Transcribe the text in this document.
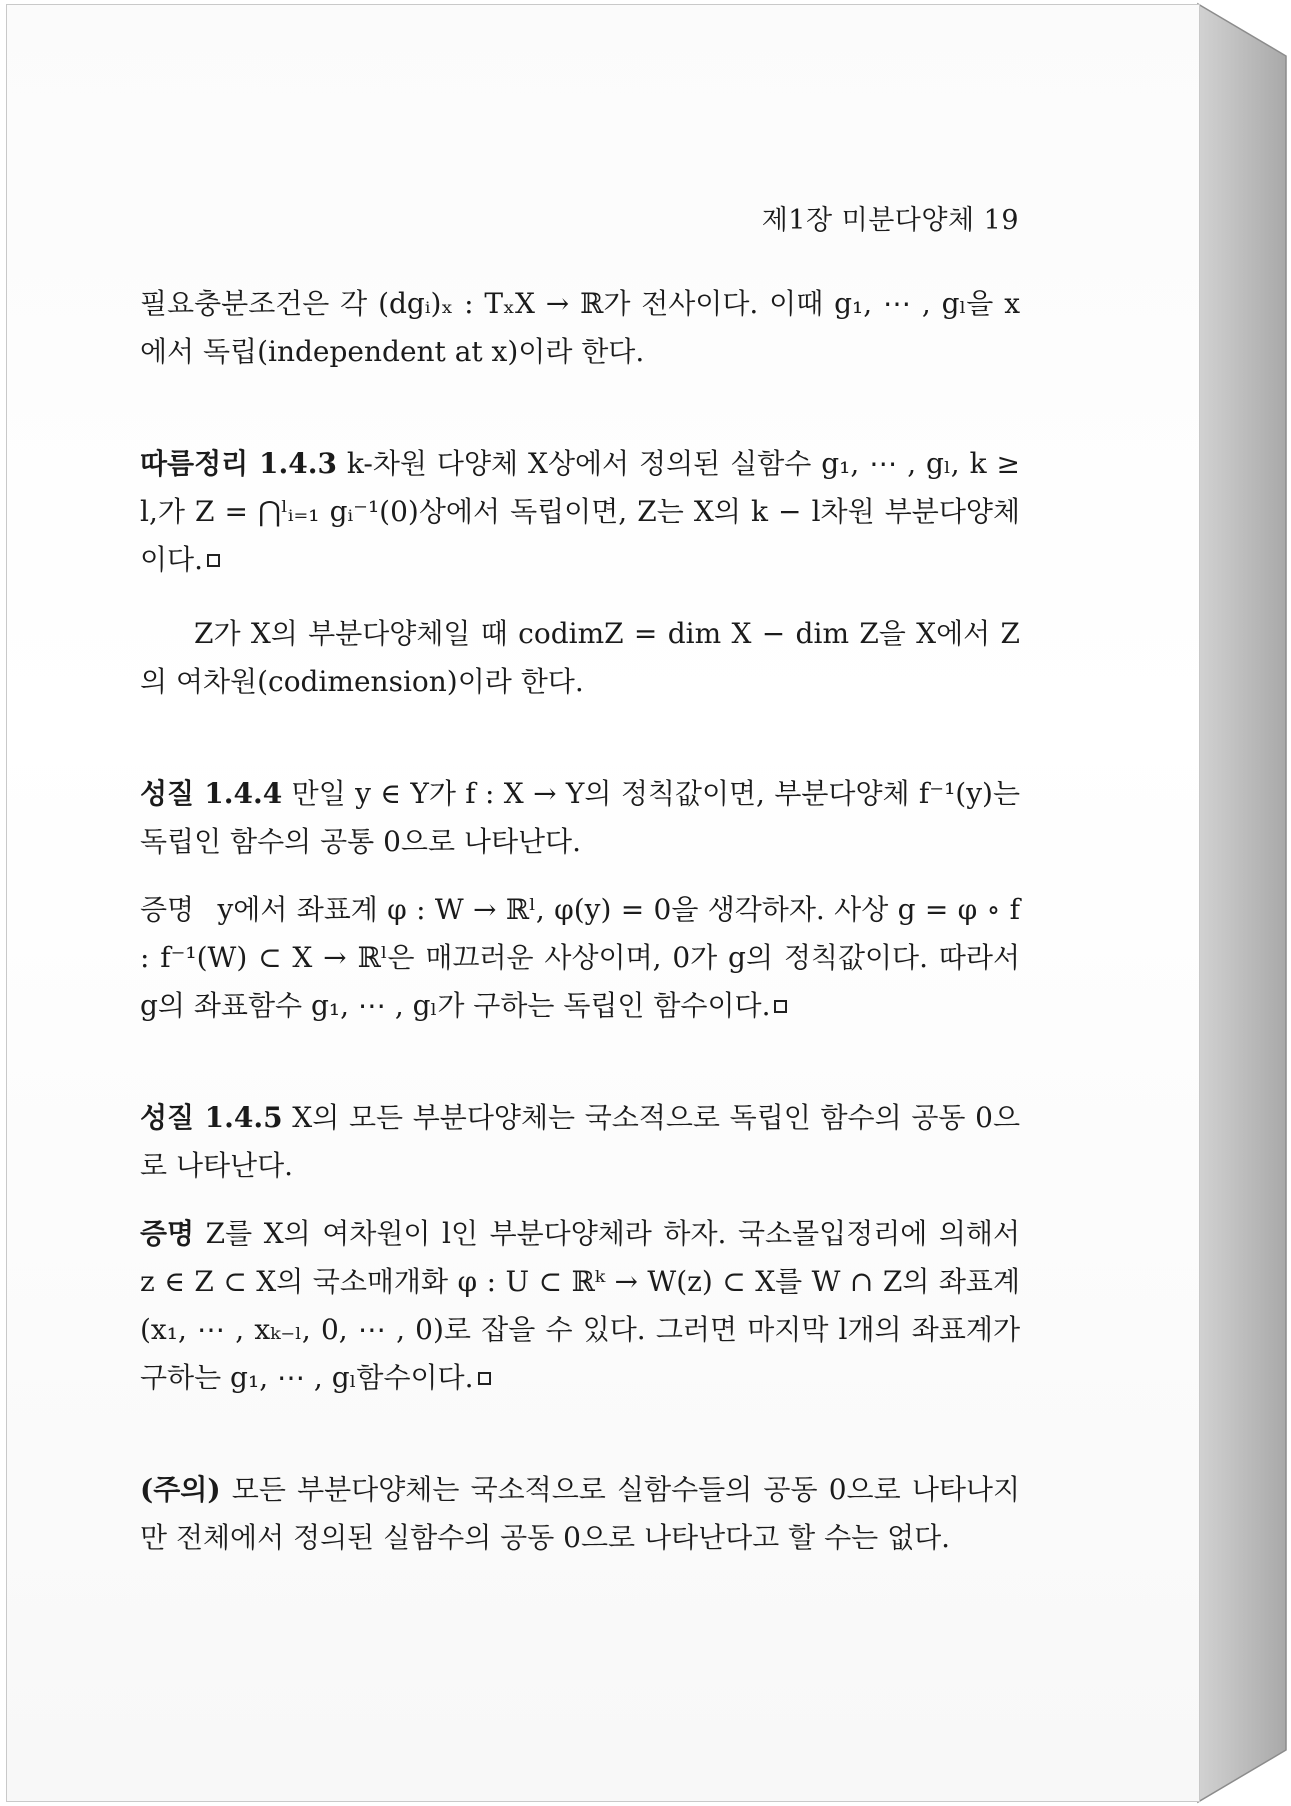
제1장 미분다양체 19

필요충분조건은 각 (dgᵢ)ₓ : TₓX → ℝ가 전사이다. 이때 g₁, ⋯ , gₗ을 x에서 독립(independent at x)이라 한다.

따름정리 1.4.3 k-차원 다양체 X상에서 정의된 실함수 g₁, ⋯ , gₗ, k ≥ l,가 Z = ⋂ˡᵢ₌₁ gᵢ⁻¹(0)상에서 독립이면, Z는 X의 k − l차원 부분다양체이다.

Z가 X의 부분다양체일 때 codimZ = dim X − dim Z을 X에서 Z의 여차원(codimension)이라 한다.

성질 1.4.4 만일 y ∈ Y가 f : X → Y의 정칙값이면, 부분다양체 f⁻¹(y)는 독립인 함수의 공통 0으로 나타난다.

증명 y에서 좌표계 φ : W → ℝˡ, φ(y) = 0을 생각하자. 사상 g = φ ∘ f : f⁻¹(W) ⊂ X → ℝˡ은 매끄러운 사상이며, 0가 g의 정칙값이다. 따라서 g의 좌표함수 g₁, ⋯ , gₗ가 구하는 독립인 함수이다.

성질 1.4.5 X의 모든 부분다양체는 국소적으로 독립인 함수의 공동 0으로 나타난다.

증명 Z를 X의 여차원이 l인 부분다양체라 하자. 국소몰입정리에 의해서 z ∈ Z ⊂ X의 국소매개화 φ : U ⊂ ℝᵏ → W(z) ⊂ X를 W ∩ Z의 좌표계 (x₁, ⋯ , xₖ₋ₗ, 0, ⋯ , 0)로 잡을 수 있다. 그러면 마지막 l개의 좌표계가 구하는 g₁, ⋯ , gₗ함수이다.

(주의) 모든 부분다양체는 국소적으로 실함수들의 공동 0으로 나타나지만 전체에서 정의된 실함수의 공동 0으로 나타난다고 할 수는 없다.
